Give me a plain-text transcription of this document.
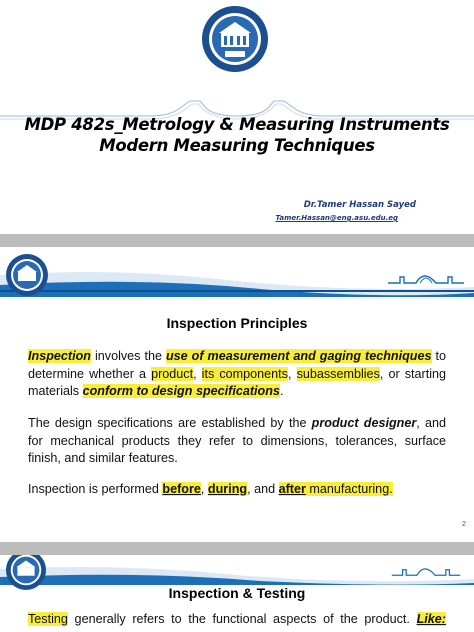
MDP 482s_Metrology & Measuring Instruments
Modern Measuring Techniques
Dr.Tamer Hassan Sayed
Tamer.Hassan@eng.asu.edu.eg
Inspection Principles
Inspection involves the use of measurement and gaging techniques to determine whether a product, its components, subassemblies, or starting materials conform to design specifications.
The design specifications are established by the product designer, and for mechanical products they refer to dimensions, tolerances, surface finish, and similar features.
Inspection is performed before, during, and after manufacturing.
2
Inspection & Testing
Testing generally refers to the functional aspects of the product. Like:
